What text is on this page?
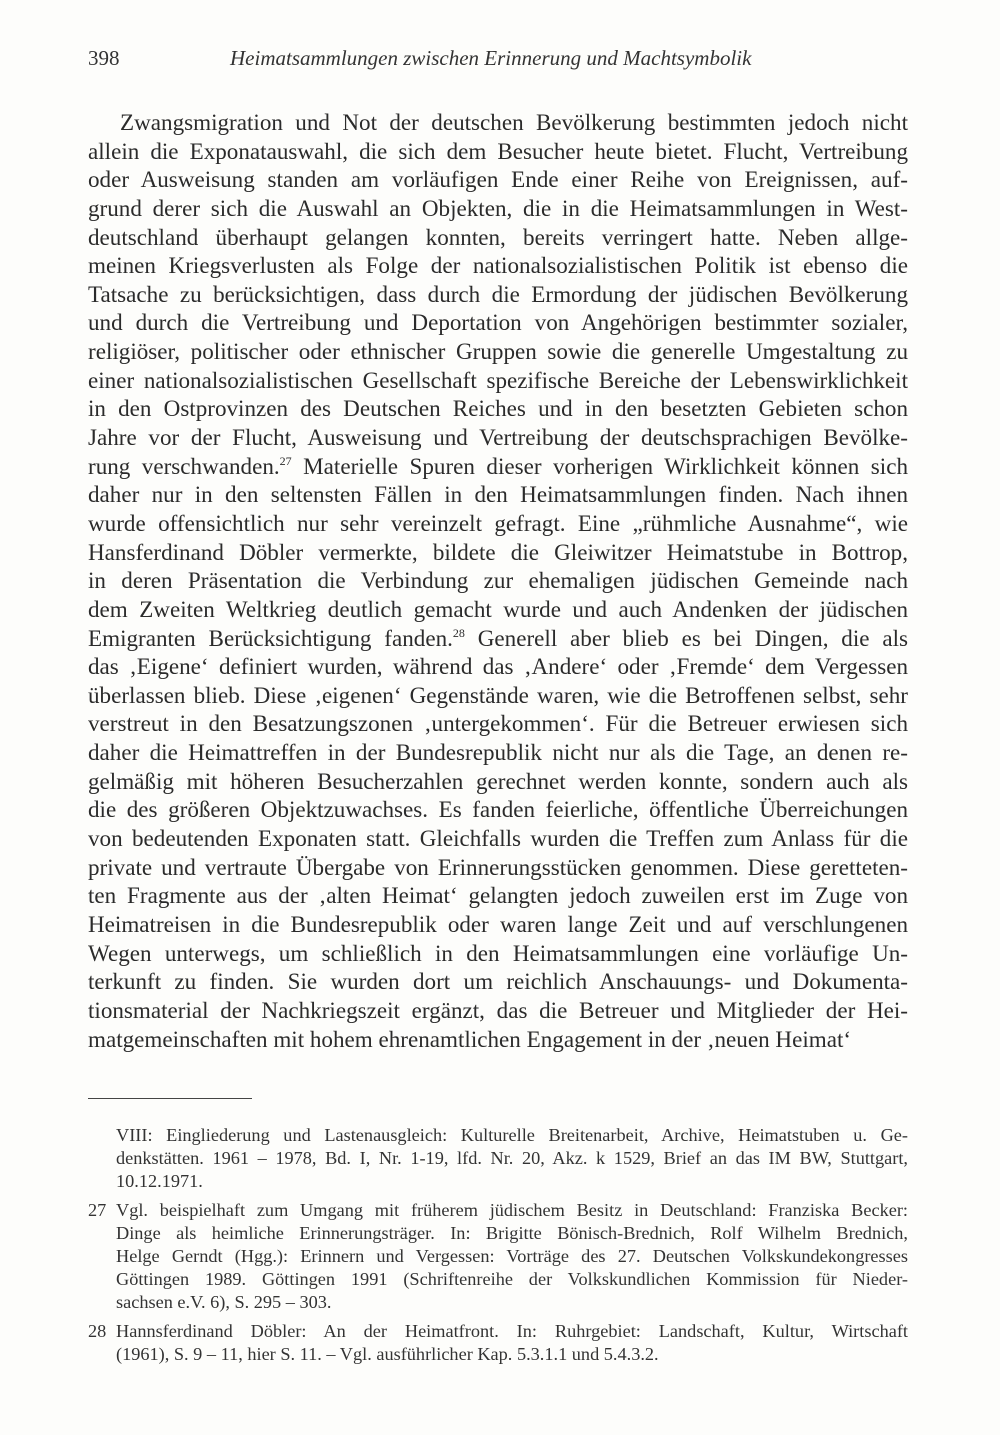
398	Heimatsammlungen zwischen Erinnerung und Machtsymbolik
Zwangsmigration und Not der deutschen Bevölkerung bestimmten jedoch nicht
allein die Exponatauswahl, die sich dem Besucher heute bietet. Flucht, Vertreibung
oder Ausweisung standen am vorläufigen Ende einer Reihe von Ereignissen, auf-
grund derer sich die Auswahl an Objekten, die in die Heimatsammlungen in West-
deutschland überhaupt gelangen konnten, bereits verringert hatte. Neben allge-
meinen Kriegsverlusten als Folge der nationalsozialistischen Politik ist ebenso die
Tatsache zu berücksichtigen, dass durch die Ermordung der jüdischen Bevölkerung
und durch die Vertreibung und Deportation von Angehörigen bestimmter sozialer,
religiöser, politischer oder ethnischer Gruppen sowie die generelle Umgestaltung zu
einer nationalsozialistischen Gesellschaft spezifische Bereiche der Lebenswirklichkeit
in den Ostprovinzen des Deutschen Reiches und in den besetzten Gebieten schon
Jahre vor der Flucht, Ausweisung und Vertreibung der deutschsprachigen Bevölke-
rung verschwanden.$^{27}$ Materielle Spuren dieser vorherigen Wirklichkeit können sich
daher nur in den seltensten Fällen in den Heimatsammlungen finden. Nach ihnen
wurde offensichtlich nur sehr vereinzelt gefragt. Eine „rühmliche Ausnahme“, wie
Hansferdinand Döbler vermerkte, bildete die Gleiwitzer Heimatstube in Bottrop,
in deren Präsentation die Verbindung zur ehemaligen jüdischen Gemeinde nach
dem Zweiten Weltkrieg deutlich gemacht wurde und auch Andenken der jüdischen
Emigranten Berücksichtigung fanden.$^{28}$ Generell aber blieb es bei Dingen, die als
das ‚Eigene‘ definiert wurden, während das ‚Andere‘ oder ‚Fremde‘ dem Vergessen
überlassen blieb. Diese ‚eigenen‘ Gegenstände waren, wie die Betroffenen selbst, sehr
verstreut in den Besatzungszonen ‚untergekommen‘. Für die Betreuer erwiesen sich
daher die Heimattreffen in der Bundesrepublik nicht nur als die Tage, an denen re-
gelmäßig mit höheren Besucherzahlen gerechnet werden konnte, sondern auch als
die des größeren Objektzuwachses. Es fanden feierliche, öffentliche Überreichungen
von bedeutenden Exponaten statt. Gleichfalls wurden die Treffen zum Anlass für die
private und vertraute Übergabe von Erinnerungsstücken genommen. Diese geretteten-
ten Fragmente aus der ‚alten Heimat‘ gelangten jedoch zuweilen erst im Zuge von
Heimatreisen in die Bundesrepublik oder waren lange Zeit und auf verschlungenen
Wegen unterwegs, um schließlich in den Heimatsammlungen eine vorläufige Un-
terkunft zu finden. Sie wurden dort um reichlich Anschauungs- und Dokumenta-
tionsmaterial der Nachkriegszeit ergänzt, das die Betreuer und Mitglieder der Hei-
matgemeinschaften mit hohem ehrenamtlichen Engagement in der ‚neuen Heimat‘
VIII: Eingliederung und Lastenausgleich: Kulturelle Breitenarbeit, Archive, Heimatstuben u. Ge-
denkstätten. 1961 – 1978, Bd. I, Nr. 1-19, lfd. Nr. 20, Akz. k 1529, Brief an das IM BW, Stuttgart,
10.12.1971.
27 Vgl. beispielhaft zum Umgang mit früherem jüdischem Besitz in Deutschland: Franziska Becker:
Dinge als heimliche Erinnerungsträger. In: Brigitte Bönisch-Brednich, Rolf Wilhelm Brednich,
Helge Gerndt (Hgg.): Erinnern und Vergessen: Vorträge des 27. Deutschen Volkskundekongresses
Göttingen 1989. Göttingen 1991 (Schriftenreihe der Volkskundlichen Kommission für Nieder-
sachsen e.V. 6), S. 295 – 303.
28 Hannsferdinand Döbler: An der Heimatfront. In: Ruhrgebiet: Landschaft, Kultur, Wirtschaft
(1961), S. 9 – 11, hier S. 11. – Vgl. ausführlicher Kap. 5.3.1.1 und 5.4.3.2.
